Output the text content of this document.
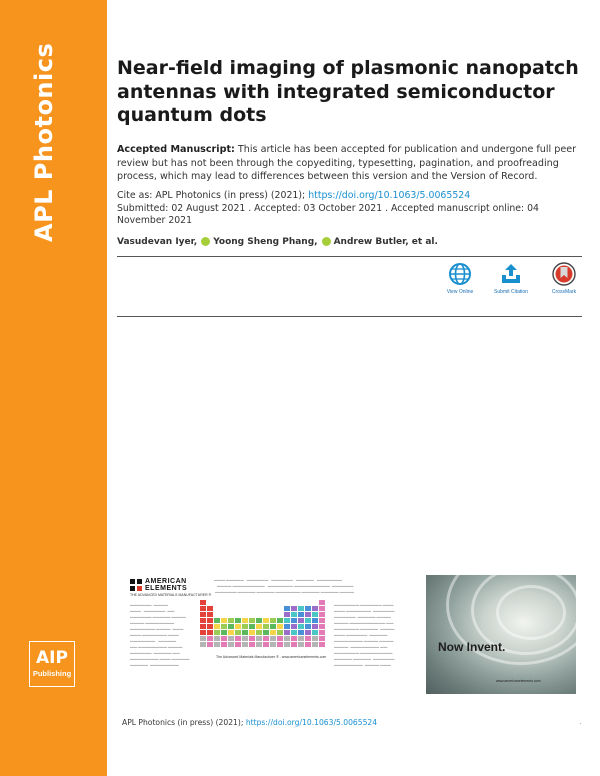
APL Photonics
AIP
Publishing
Near-field imaging of plasmonic nanopatch antennas with integrated semiconductor quantum dots

Accepted Manuscript: This article has been accepted for publication and undergone full peer review but has not been through the copyediting, typesetting, pagination, and proofreading process, which may lead to differences between this version and the Version of Record.

Cite as: APL Photonics (in press) (2021); https://doi.org/10.1063/5.0065524

Submitted: 02 August 2021 . Accepted: 03 October 2021 . Accepted manuscript online: 04 November 2021

Vasudevan Iyer, Yoong Sheng Phang, Andrew Butler, et al.
View Online	Submit Citation	CrossMark
AMERICAN
ELEMENTS
THE ADVANCED MATERIALS MANUFACTURER ®
▬▬▬ ▬▬▬▬▬   ▬▬▬▬▬▬   ▬▬▬▬▬▬   ▬▬▬▬▬   ▬▬▬▬▬▬▬
▬▬▬▬ ▬▬▬▬▬▬▬▬▬   ▬▬▬▬▬▬▬ ▬▬▬▬▬▬▬▬▬▬  ▬▬▬▬▬▬
▬▬▬▬▬▬ ▬▬▬▬▬ ▬▬▬▬▬ ▬▬▬▬▬▬▬ ▬▬▬▬▬ ▬▬▬▬▬ ▬▬▬▬
▬▬▬▬▬▬  ▬▬▬▬
▬▬▬   ▬▬▬▬▬▬  ▬▬
▬▬▬▬▬▬ ▬▬▬▬▬ ▬▬▬▬
▬▬▬▬ ▬▬▬▬▬▬▬▬
▬▬▬▬▬▬▬ ▬▬▬▬  ▬▬▬
▬▬▬ ▬▬▬▬▬▬▬ ▬▬▬
▬▬▬▬▬▬▬   ▬▬▬▬▬
▬▬ ▬▬▬▬▬▬▬▬ ▬▬▬▬
▬▬▬▬▬▬  ▬▬▬▬▬ ▬▬
▬▬▬▬▬▬▬▬ ▬▬▬ ▬▬▬▬▬
▬▬▬▬▬  ▬▬▬▬▬▬▬▬
▬▬▬▬▬▬▬ ▬▬▬▬▬▬ ▬▬▬
▬▬▬ ▬▬▬▬▬▬▬  ▬▬▬▬▬▬
▬▬▬▬▬▬  ▬▬▬▬▬ ▬▬▬▬
▬▬▬▬ ▬▬▬▬▬▬▬▬▬▬ ▬▬
▬▬▬▬▬▬▬ ▬▬▬▬▬  ▬▬▬▬
▬▬▬ ▬▬▬▬▬▬  ▬▬▬▬▬
▬▬▬▬▬▬▬▬ ▬▬▬▬ ▬▬▬▬
▬▬▬▬  ▬▬▬▬▬▬▬▬ ▬▬
▬▬▬▬▬▬▬ ▬▬▬▬▬▬▬▬▬
▬▬▬▬▬ ▬▬▬▬▬  ▬▬▬▬▬▬
▬▬▬▬▬▬▬▬  ▬▬▬▬ ▬▬▬
The Advanced Materials Manufacturer ® - www.americanelements.com
Now Invent.
www.americanelements.com
APL Photonics (in press) (2021); https://doi.org/10.1063/5.0065524	.
